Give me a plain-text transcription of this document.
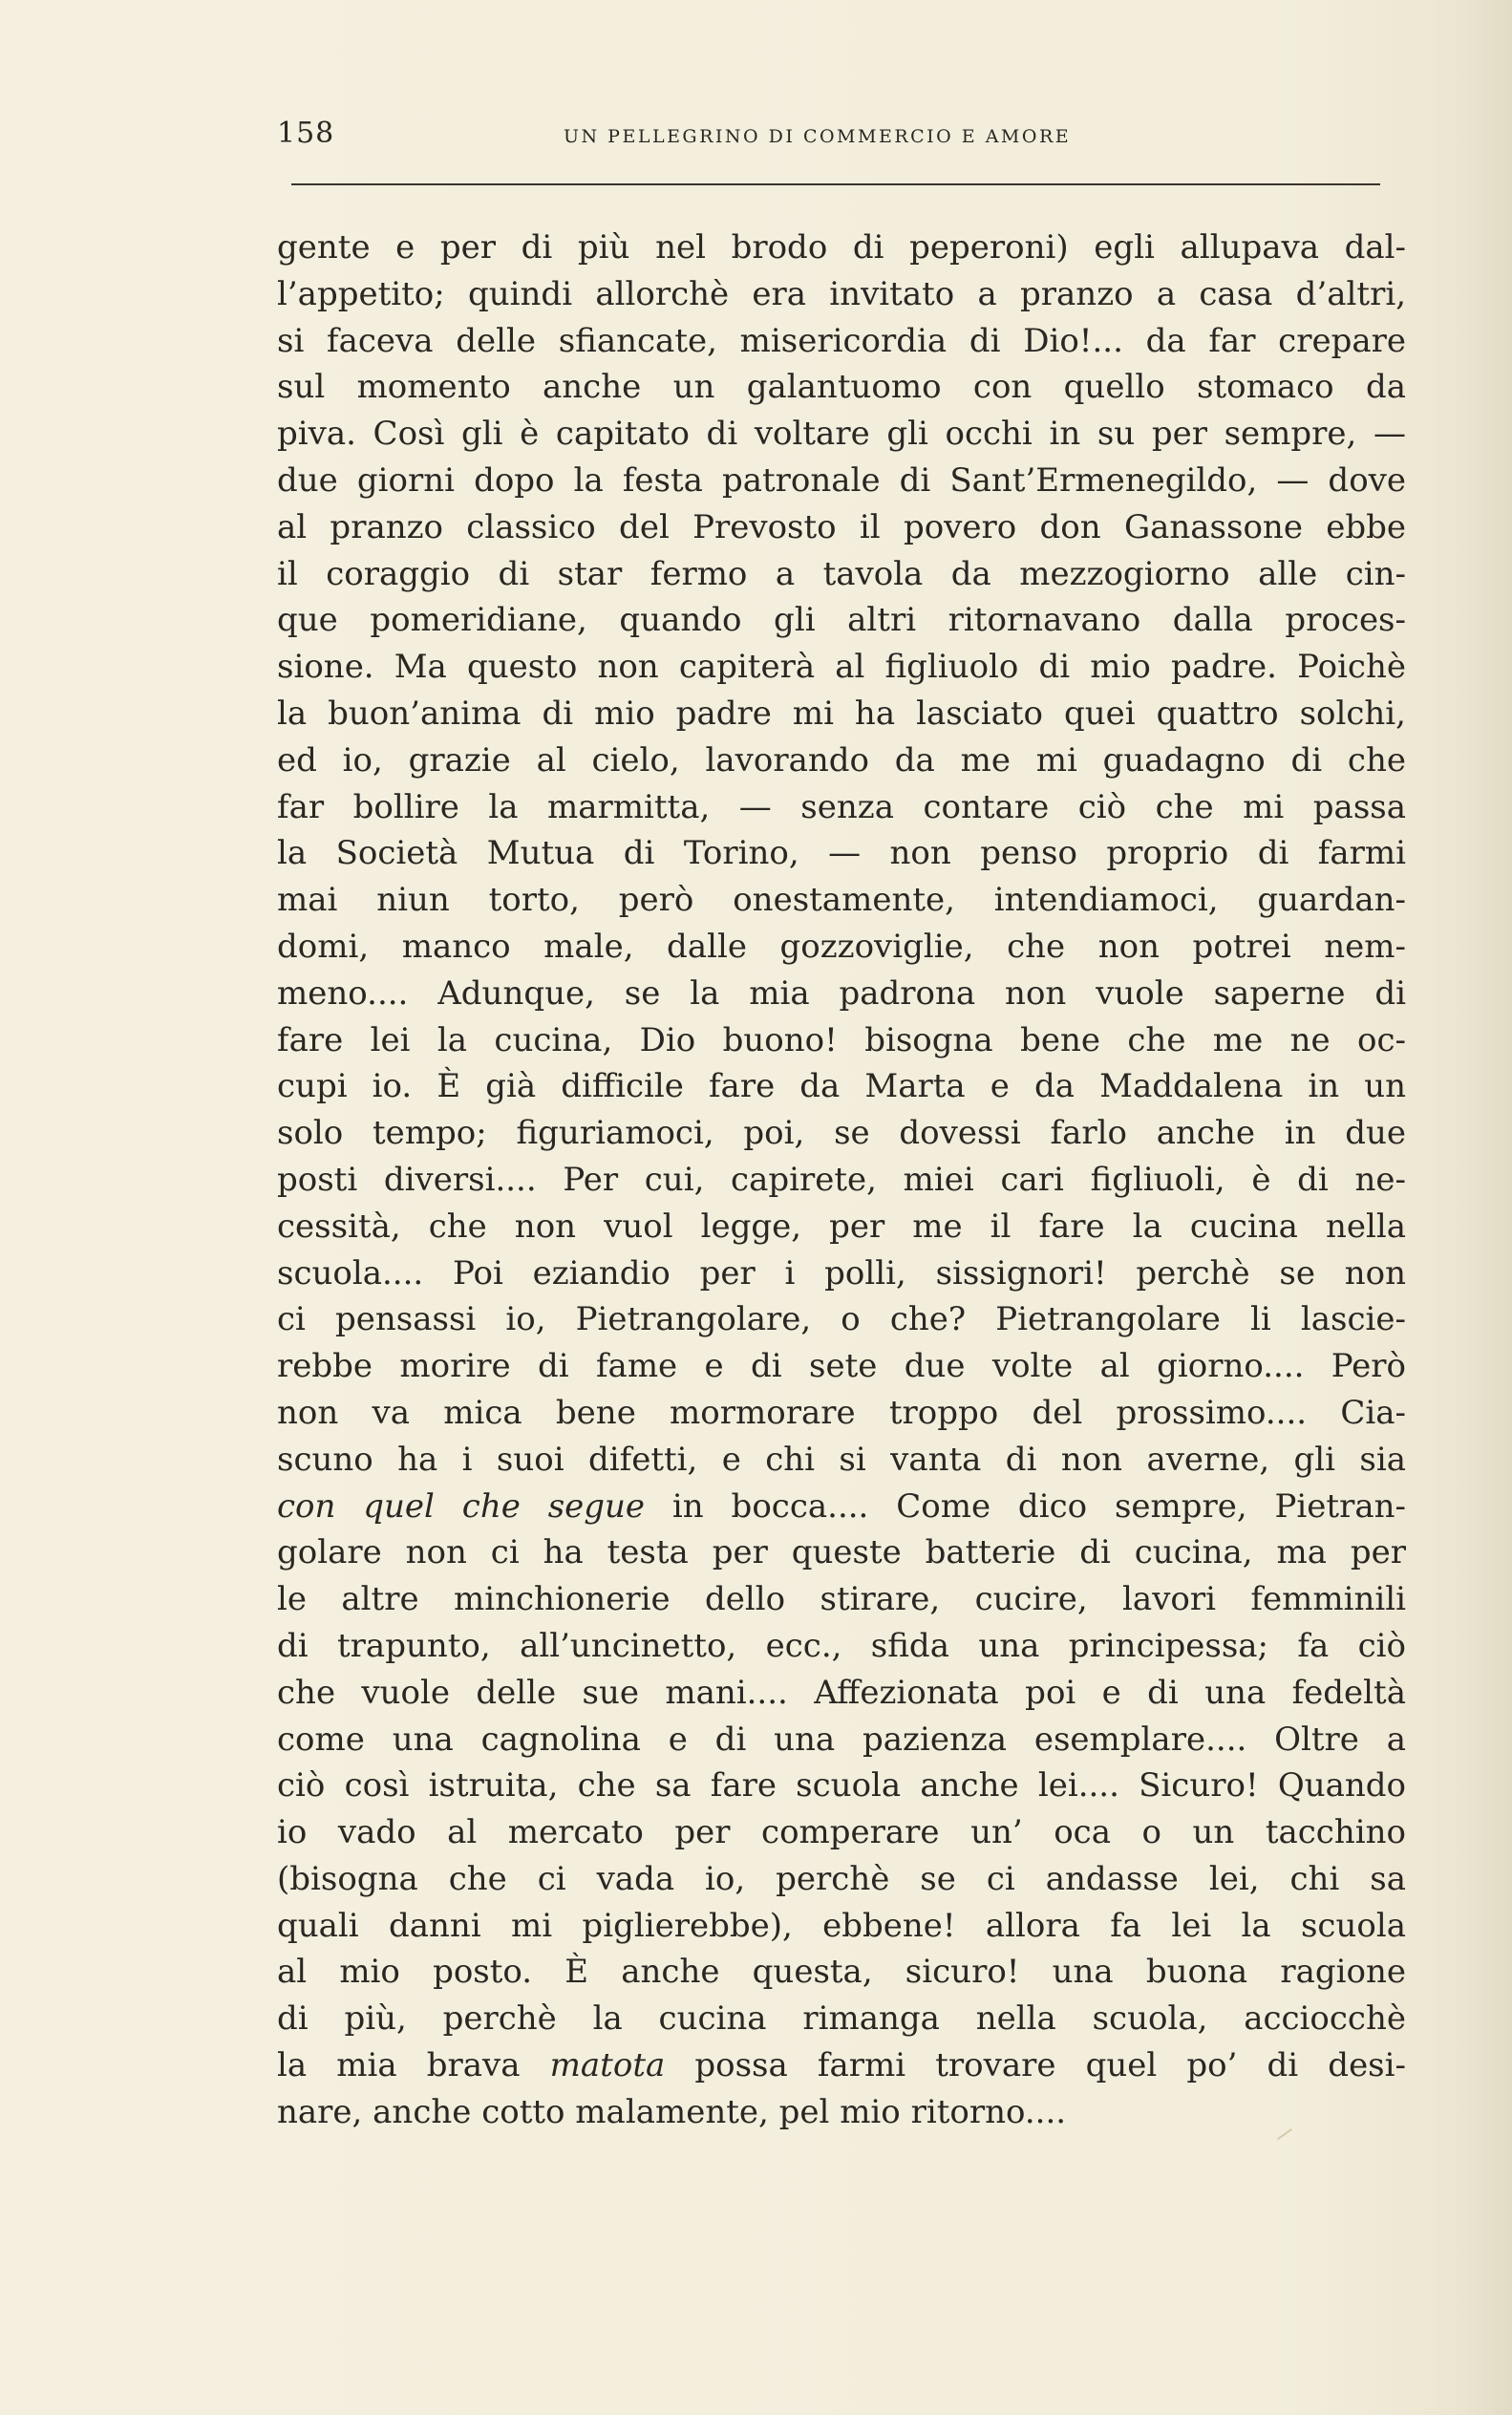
158	UN PELLEGRINO DI COMMERCIO E AMORE
gente e per di più nel brodo di peperoni) egli allupava dal-
l’appetito; quindi allorchè era invitato a pranzo a casa d’altri,
si faceva delle sfiancate, misericordia di Dio!... da far crepare
sul momento anche un galantuomo con quello stomaco da
piva. Così gli è capitato di voltare gli occhi in su per sempre, —
due giorni dopo la festa patronale di Sant’Ermenegildo, — dove
al pranzo classico del Prevosto il povero don Ganassone ebbe
il coraggio di star fermo a tavola da mezzogiorno alle cin-
que pomeridiane, quando gli altri ritornavano dalla proces-
sione. Ma questo non capiterà al figliuolo di mio padre. Poichè
la buon’anima di mio padre mi ha lasciato quei quattro solchi,
ed io, grazie al cielo, lavorando da me mi guadagno di che
far bollire la marmitta, — senza contare ciò che mi passa
la Società Mutua di Torino, — non penso proprio di farmi
mai niun torto, però onestamente, intendiamoci, guardan-
domi, manco male, dalle gozzoviglie, che non potrei nem-
meno.... Adunque, se la mia padrona non vuole saperne di
fare lei la cucina, Dio buono! bisogna bene che me ne oc-
cupi io. È già difficile fare da Marta e da Maddalena in un
solo tempo; figuriamoci, poi, se dovessi farlo anche in due
posti diversi.... Per cui, capirete, miei cari figliuoli, è di ne-
cessità, che non vuol legge, per me il fare la cucina nella
scuola.... Poi eziandio per i polli, sissignori! perchè se non
ci pensassi io, Pietrangolare, o che? Pietrangolare li lascie-
rebbe morire di fame e di sete due volte al giorno.... Però
non va mica bene mormorare troppo del prossimo.... Cia-
scuno ha i suoi difetti, e chi si vanta di non averne, gli sia
con quel che segue in bocca.... Come dico sempre, Pietran-
golare non ci ha testa per queste batterie di cucina, ma per
le altre minchionerie dello stirare, cucire, lavori femminili
di trapunto, all’uncinetto, ecc., sfida una principessa; fa ciò
che vuole delle sue mani.... Affezionata poi e di una fedeltà
come una cagnolina e di una pazienza esemplare.... Oltre a
ciò così istruita, che sa fare scuola anche lei.... Sicuro! Quando
io vado al mercato per comperare un’ oca o un tacchino
(bisogna che ci vada io, perchè se ci andasse lei, chi sa
quali danni mi piglierebbe), ebbene! allora fa lei la scuola
al mio posto. È anche questa, sicuro! una buona ragione
di più, perchè la cucina rimanga nella scuola, acciocchè
la mia brava matota possa farmi trovare quel po’ di desi-
nare, anche cotto malamente, pel mio ritorno....
